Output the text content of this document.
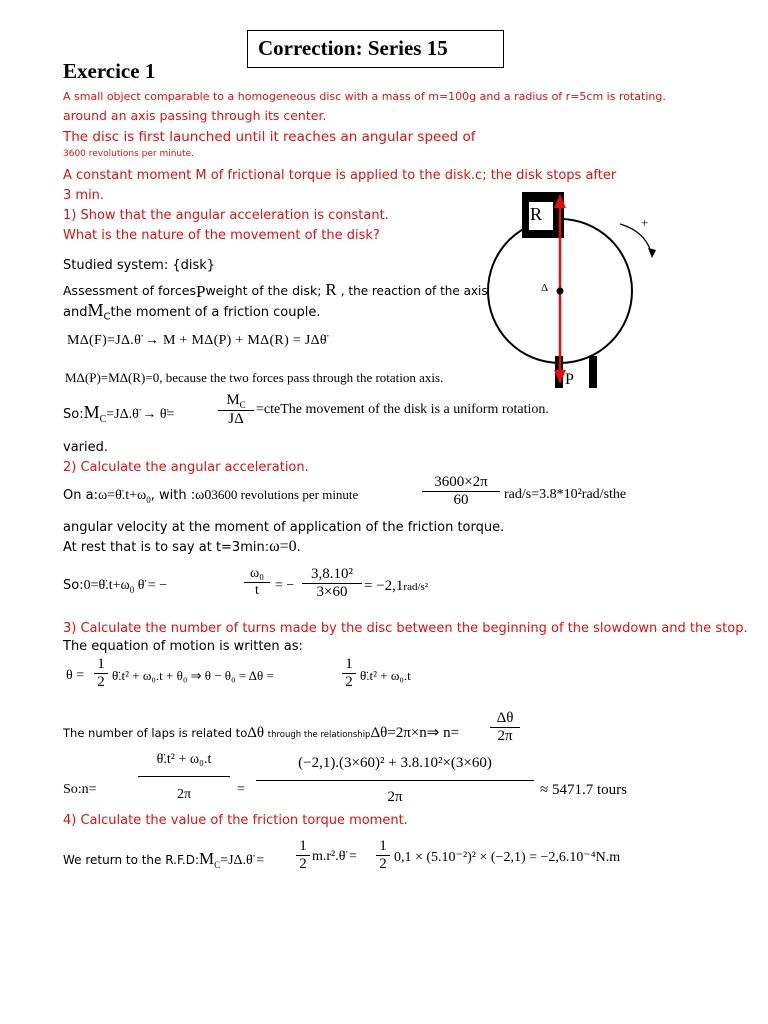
Correction: Series 15
Exercice 1
A small object comparable to a homogeneous disc with a mass of m=100g and a radius of r=5cm is rotating.
around an axis passing through its center.
The disc is first launched until it reaches an angular speed of
3600 revolutions per minute.
A constant moment M of frictional torque is applied to the disk.c; the disk stops after
3 min.
1) Show that the angular acceleration is constant.
What is the nature of the movement of the disk?
R
P
Δ
+
Studied system: {disk}
Assessment of forcesPweight of the disk; R , the reaction of the axis
andM$_C$the moment of a friction couple.
MΔ(F)=JΔ.θ̈ → M + MΔ(P) + MΔ(R) = JΔθ̈
MΔ(P)=MΔ(R)=0, because the two forces pass through the rotation axis.
$So:M_C=J\Delta.\thetä$ → θ̈=	$\frac{M_C}{J\Delta}$ =cteThe movement of the disk is a uniform rotation.
varied.
2) Calculate the angular acceleration.
On $a:\omega=\thetä.t+\omega_0$, with :ω03600 revolutions per minute	$\frac{3600\times 2\pi}{60}$ rad/s=3.8*10²rad/sthe
angular velocity at the moment of application of the friction torque.
At rest that is to say at t=3min:ω=0.
$So:0=\thetä.t+\omega_0$ θ̈ = −	$\frac{\text{ω₀}}{t}$ = − $\frac{\text{3,8.10²}}{3\times 60} = -2,1rad/s^2$
3) Calculate the number of turns made by the disc between the beginning of the slowdown and the stop.
The equation of motion is written as:
$\theta = \frac{1}{2}$ θ̈.t² + ω₀.t + θ₀ ⇒ θ − θ₀ = Δθ =	$\frac{1}{2}$ θ̈.t² + ω₀.t
The number of laps is related toΔθ through the relationshipΔθ=2π×n⇒ $n= \frac{\Delta\theta}{2\pi}$
So:n=	$\frac{\text{θ̈.t² + ω₀.t}}{2\pi} = \frac{\text{(−2,1).(3×60)² + 3.8.10²×(3×60)}}{2\pi} \approx 5471.7$ tours
4) Calculate the value of the friction torque moment.
We return to the $R.F.D:M_C=J\Delta.\thetä = \frac{1}{2}$ m.r².θ̈ = $\frac{1}{2} 0,1 \times (5.10^{-2})^2 \times (-2,1) = -2,6.10^{-4}N.m$
